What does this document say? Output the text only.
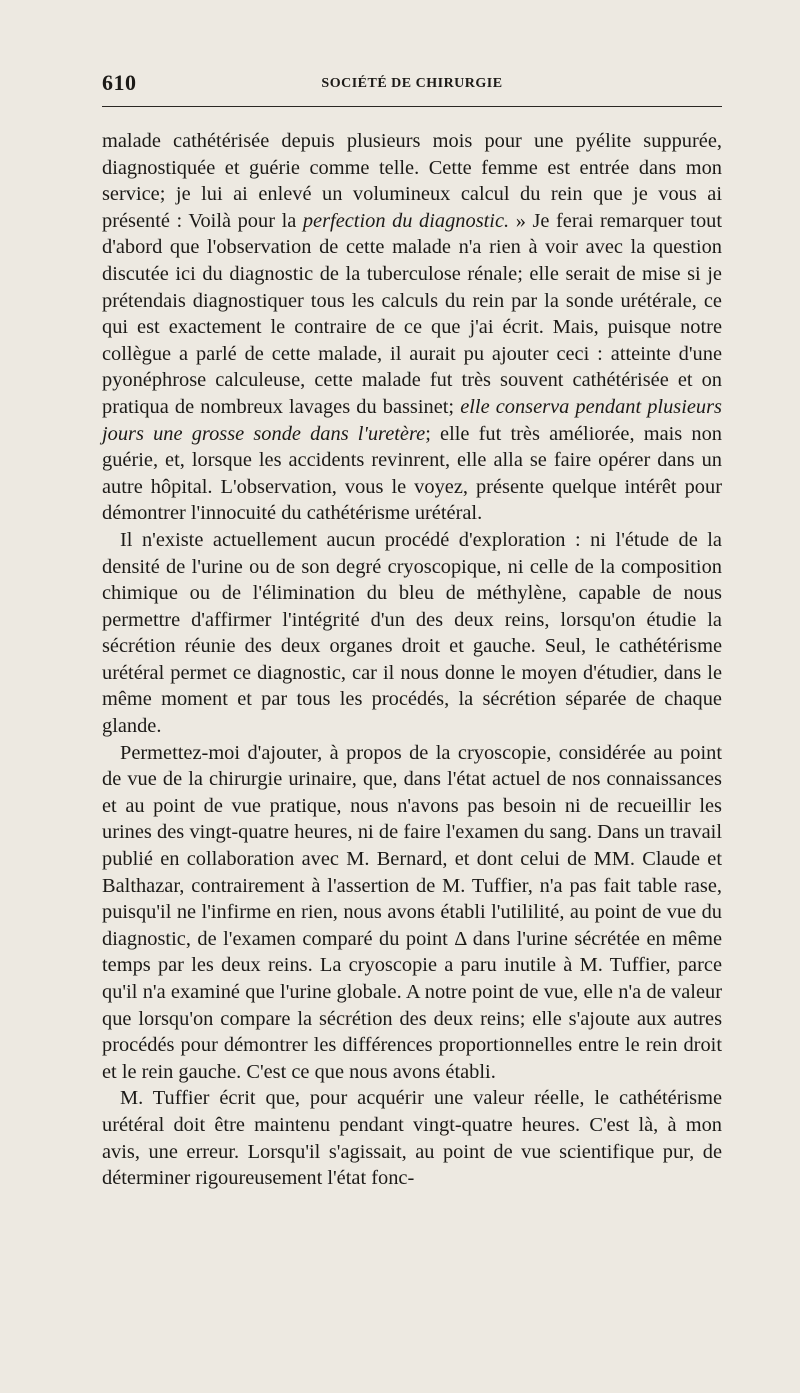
610	SOCIÉTÉ DE CHIRURGIE

malade cathétérisée depuis plusieurs mois pour une pyélite suppurée, diagnostiquée et guérie comme telle. Cette femme est entrée dans mon service; je lui ai enlevé un volumineux calcul du rein que je vous ai présenté : Voilà pour la perfection du diagnostic. » Je ferai remarquer tout d'abord que l'observation de cette malade n'a rien à voir avec la question discutée ici du diagnostic de la tuberculose rénale; elle serait de mise si je prétendais diagnostiquer tous les calculs du rein par la sonde urétérale, ce qui est exactement le contraire de ce que j'ai écrit. Mais, puisque notre collègue a parlé de cette malade, il aurait pu ajouter ceci : atteinte d'une pyonéphrose calculeuse, cette malade fut très souvent cathétérisée et on pratiqua de nombreux lavages du bassinet; elle conserva pendant plusieurs jours une grosse sonde dans l'uretère; elle fut très améliorée, mais non guérie, et, lorsque les accidents revinrent, elle alla se faire opérer dans un autre hôpital. L'observation, vous le voyez, présente quelque intérêt pour démontrer l'innocuité du cathétérisme urétéral.

Il n'existe actuellement aucun procédé d'exploration : ni l'étude de la densité de l'urine ou de son degré cryoscopique, ni celle de la composition chimique ou de l'élimination du bleu de méthylène, capable de nous permettre d'affirmer l'intégrité d'un des deux reins, lorsqu'on étudie la sécrétion réunie des deux organes droit et gauche. Seul, le cathétérisme urétéral permet ce diagnostic, car il nous donne le moyen d'étudier, dans le même moment et par tous les procédés, la sécrétion séparée de chaque glande.

Permettez-moi d'ajouter, à propos de la cryoscopie, considérée au point de vue de la chirurgie urinaire, que, dans l'état actuel de nos connaissances et au point de vue pratique, nous n'avons pas besoin ni de recueillir les urines des vingt-quatre heures, ni de faire l'examen du sang. Dans un travail publié en collaboration avec M. Bernard, et dont celui de MM. Claude et Balthazar, contrairement à l'assertion de M. Tuffier, n'a pas fait table rase, puisqu'il ne l'infirme en rien, nous avons établi l'utililité, au point de vue du diagnostic, de l'examen comparé du point Δ dans l'urine sécrétée en même temps par les deux reins. La cryoscopie a paru inutile à M. Tuffier, parce qu'il n'a examiné que l'urine globale. A notre point de vue, elle n'a de valeur que lorsqu'on compare la sécrétion des deux reins; elle s'ajoute aux autres procédés pour démontrer les différences proportionnelles entre le rein droit et le rein gauche. C'est ce que nous avons établi.

M. Tuffier écrit que, pour acquérir une valeur réelle, le cathétérisme urétéral doit être maintenu pendant vingt-quatre heures. C'est là, à mon avis, une erreur. Lorsqu'il s'agissait, au point de vue scientifique pur, de déterminer rigoureusement l'état fonc-
